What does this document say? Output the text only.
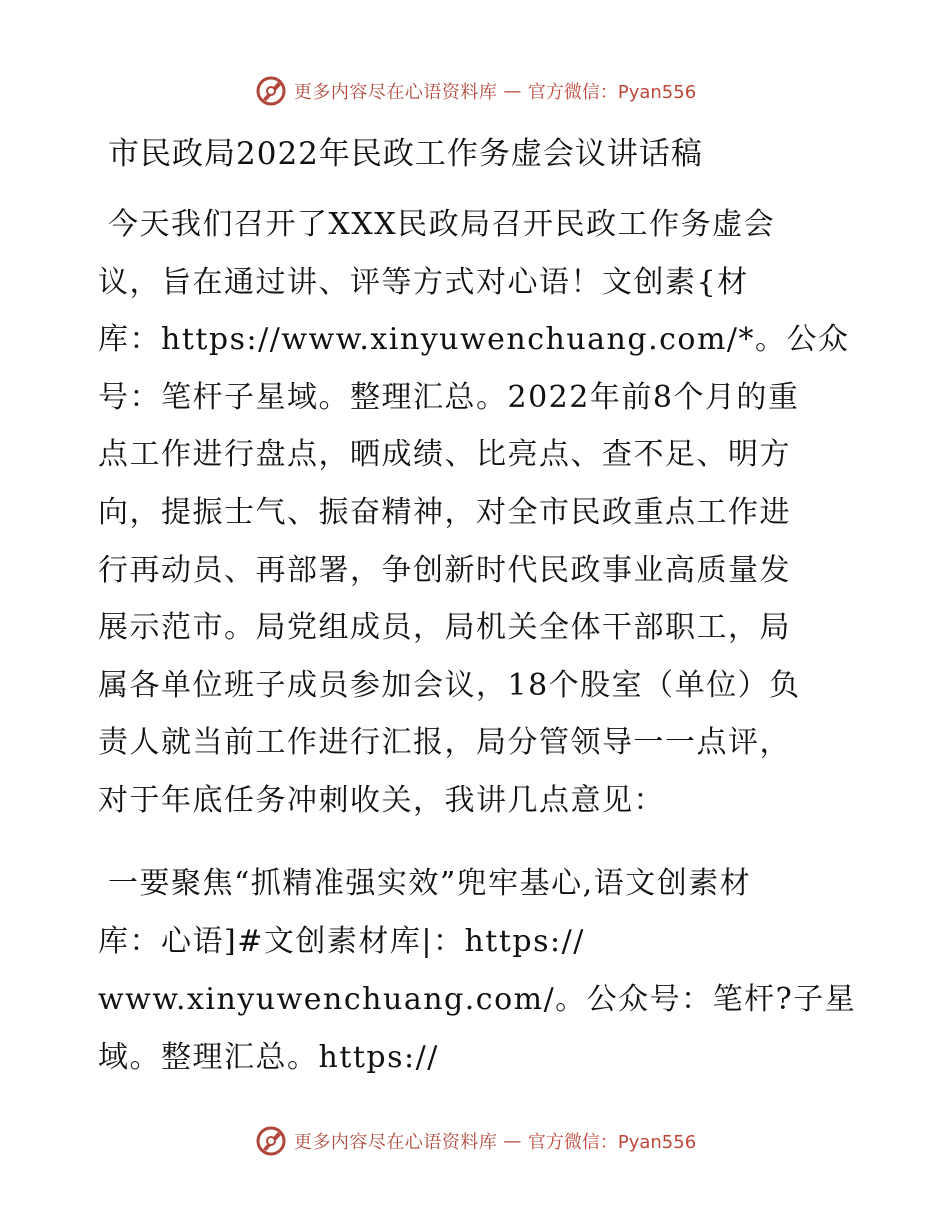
更多内容尽在心语资料库 — 官方微信：Pyan556
市民政局2022年民政工作务虚会议讲话稿
今天我们召开了XXX民政局召开民政工作务虚会
议，旨在通过讲、评等方式对心语！文创素{材
库：https://www.xinyuwenchuang.com/*。公众
号：笔杆子星域。整理汇总。2022年前8个月的重
点工作进行盘点，晒成绩、比亮点、查不足、明方
向，提振士气、振奋精神，对全市民政重点工作进
行再动员、再部署，争创新时代民政事业高质量发
展示范市。局党组成员，局机关全体干部职工，局
属各单位班子成员参加会议，18个股室（单位）负
责人就当前工作进行汇报，局分管领导一一点评，
对于年底任务冲刺收关，我讲几点意见：
一要聚焦“抓精准强实效”兜牢基心,语文创素材
库：心语]#文创素材库|：https://
www.xinyuwenchuang.com/。公众号：笔杆?子星
域。整理汇总。https://
更多内容尽在心语资料库 — 官方微信：Pyan556
